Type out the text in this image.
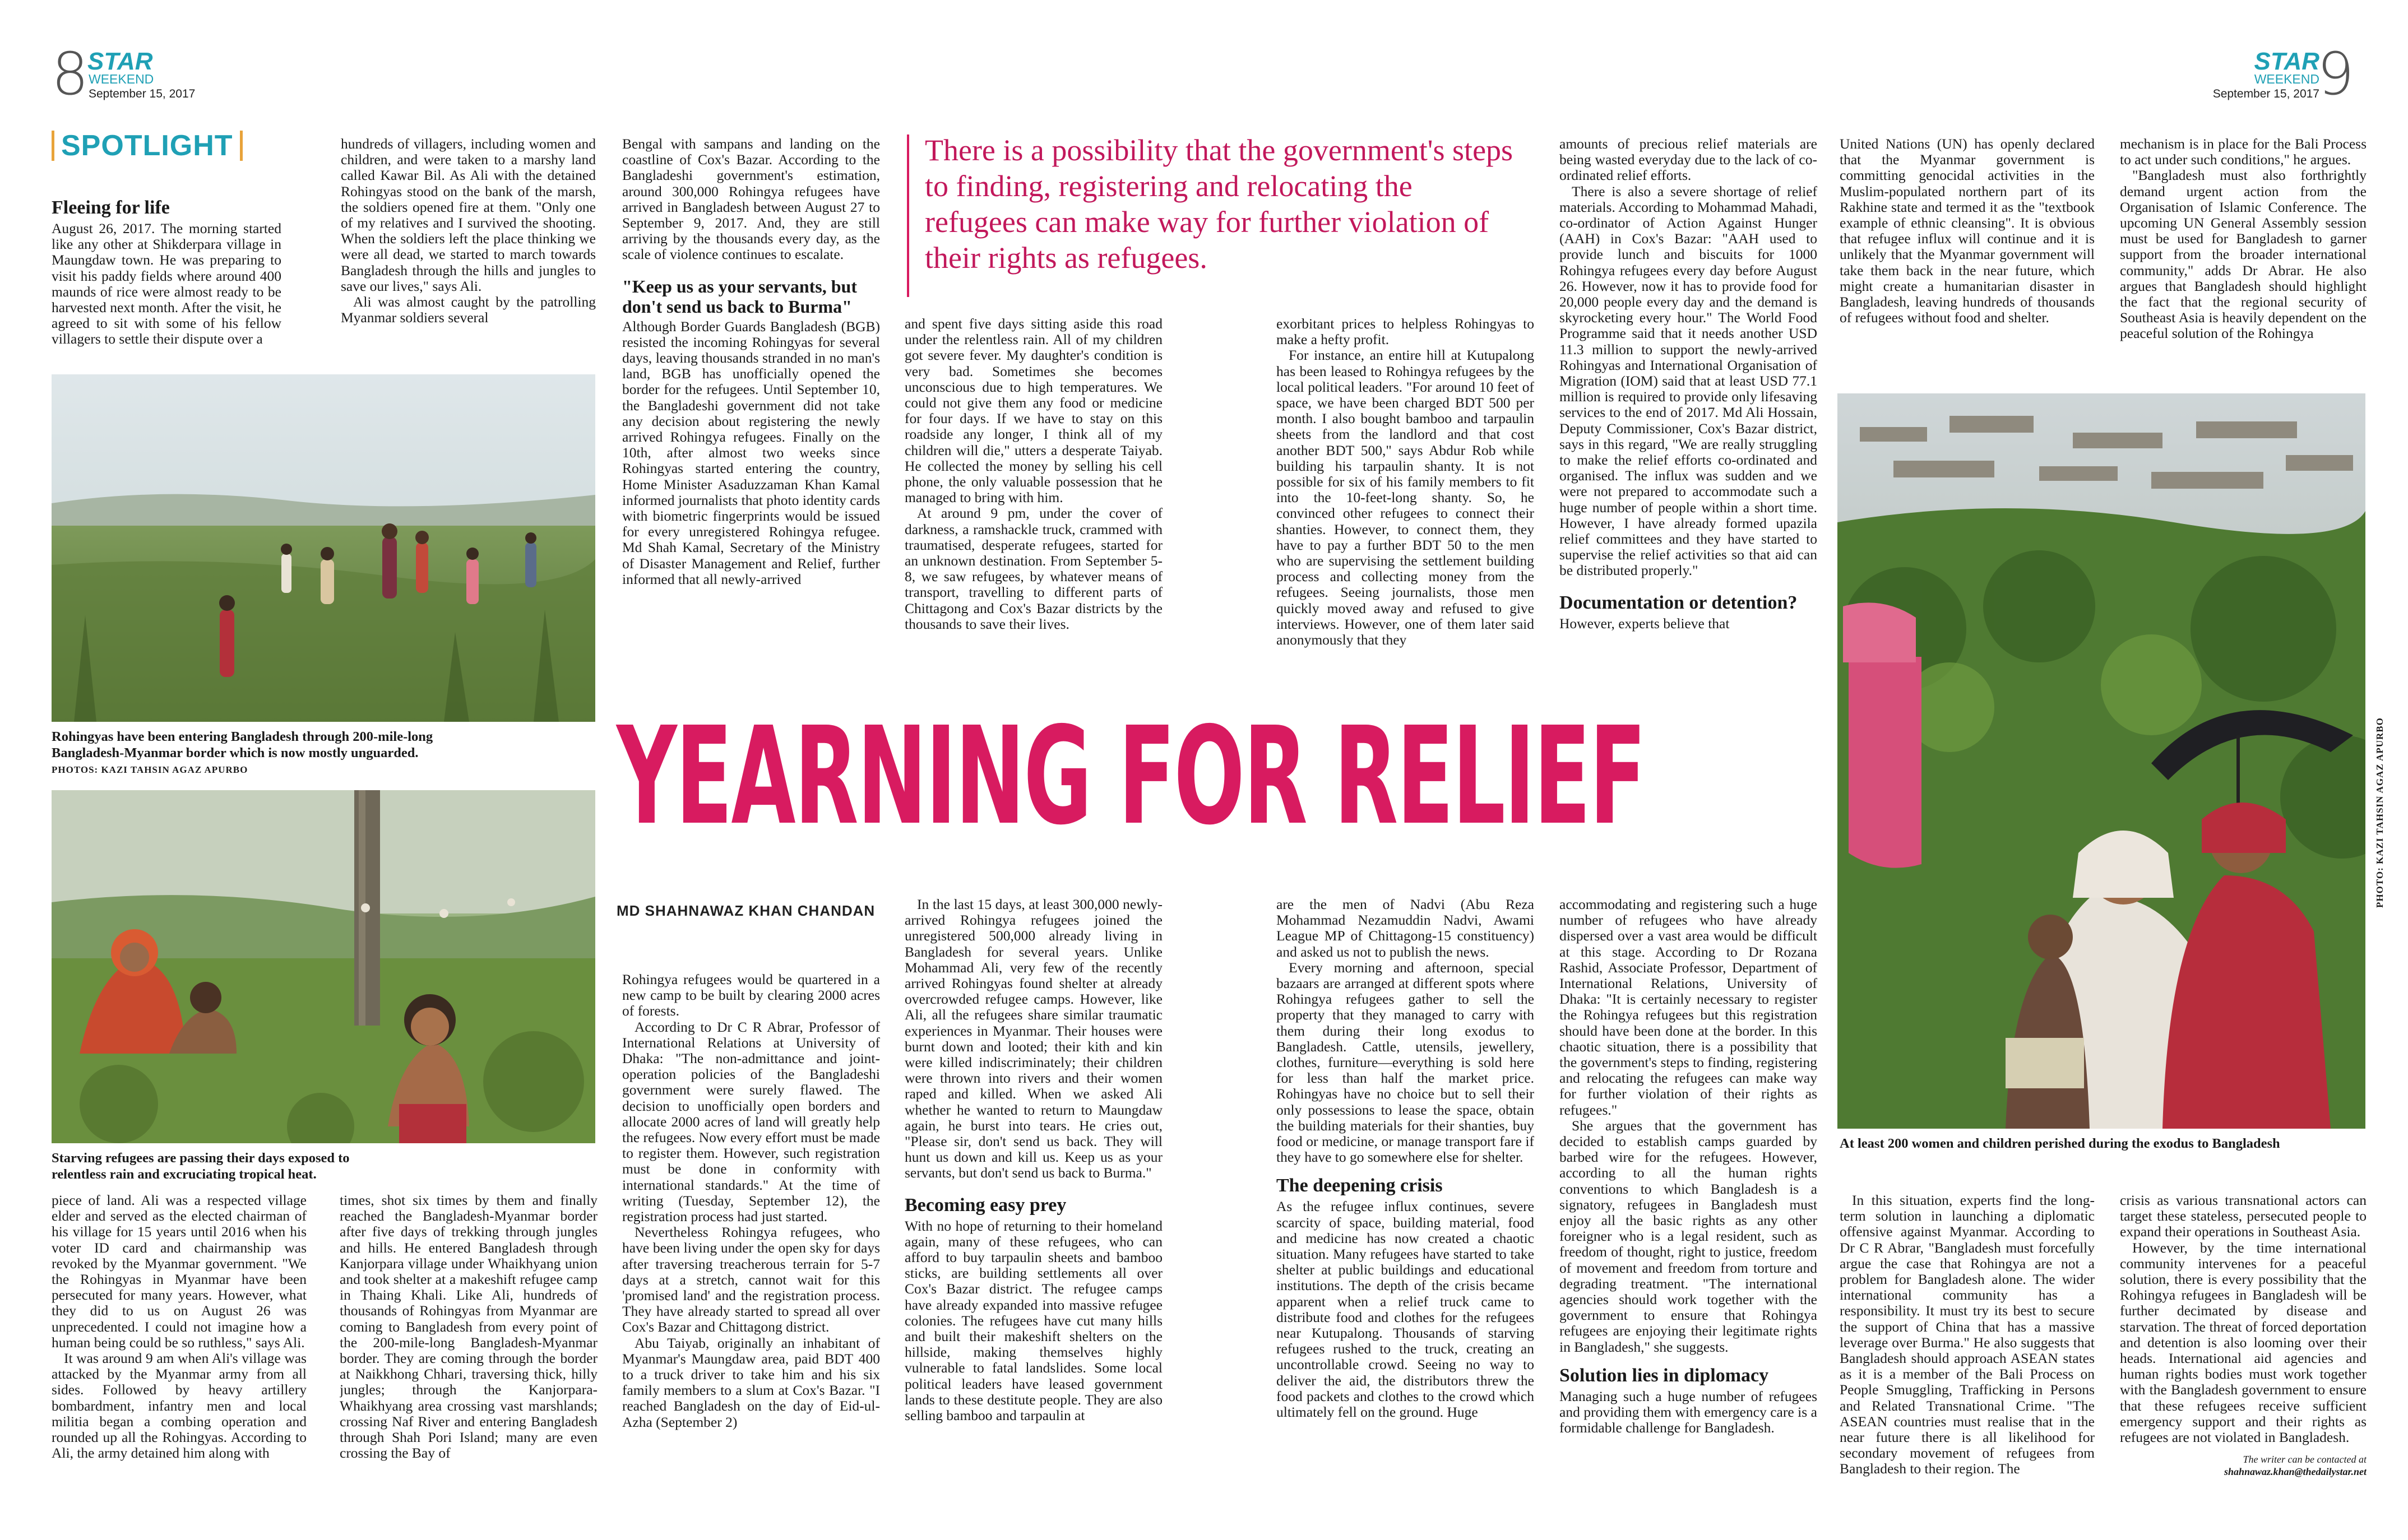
8
STAR
WEEKEND
September 15, 2017
STAR
WEEKEND
September 15, 2017
9
SPOTLIGHT	There is a possibility that the government's steps to finding, registering and relocating the refugees can make way for further violation of their rights as refugees.
YEARNING FOR RELIEF
MD SHAHNAWAZ KHAN CHANDAN
Rohingyas have been entering Bangladesh through 200-mile-long Bangladesh-Myanmar border which is now mostly unguarded.
PHOTOS: KAZI TAHSIN AGAZ APURBO
Starving refugees are passing their days exposed to relentless rain and excruciating tropical heat.
PHOTO: KAZI TAHSIN AGAZ APURBO
At least 200 women and children perished during the exodus to Bangladesh
Fleeing for life

August 26, 2017. The morning started like any other at Shikderpara village in Maungdaw town. He was preparing to visit his paddy fields where around 400 maunds of rice were almost ready to be harvested next month. After the visit, he agreed to sit with some of his fellow villagers to settle their dispute over a

hundreds of villagers, including women and children, and were taken to a marshy land called Kawar Bil. As Ali with the detained Rohingyas stood on the bank of the marsh, the soldiers opened fire at them. "Only one of my relatives and I survived the shooting. When the soldiers left the place thinking we were all dead, we started to march towards Bangladesh through the hills and jungles to save our lives," says Ali.

Ali was almost caught by the patrolling Myanmar soldiers several

Bengal with sampans and landing on the coastline of Cox's Bazar. According to the Bangladeshi government's estimation, around 300,000 Rohingya refugees have arrived in Bangladesh between August 27 to September 9, 2017. And, they are still arriving by the thousands every day, as the scale of violence continues to escalate.

"Keep us as your servants, but don't send us back to Burma"

Although Border Guards Bangladesh (BGB) resisted the incoming Rohingyas for several days, leaving thousands stranded in no man's land, BGB has unofficially opened the border for the refugees. Until September 10, the Bangladeshi government did not take any decision about registering the newly arrived Rohingya refugees. Finally on the 10th, after almost two weeks since Rohingyas started entering the country, Home Minister Asaduzzaman Khan Kamal informed journalists that photo identity cards with biometric fingerprints would be issued for every unregistered Rohingya refugee. Md Shah Kamal, Secretary of the Ministry of Disaster Management and Relief, further informed that all newly-arrived

and spent five days sitting aside this road under the relentless rain. All of my children got severe fever. My daughter's condition is very bad. Sometimes she becomes unconscious due to high temperatures. We could not give them any food or medicine for four days. If we have to stay on this roadside any longer, I think all of my children will die," utters a desperate Taiyab. He collected the money by selling his cell phone, the only valuable possession that he managed to bring with him.

At around 9 pm, under the cover of darkness, a ramshackle truck, crammed with traumatised, desperate refugees, started for an unknown destination. From September 5-8, we saw refugees, by whatever means of transport, travelling to different parts of Chittagong and Cox's Bazar districts by the thousands to save their lives.

exorbitant prices to helpless Rohingyas to make a hefty profit.

For instance, an entire hill at Kutupalong has been leased to Rohingya refugees by the local political leaders. "For around 10 feet of space, we have been charged BDT 500 per month. I also bought bamboo and tarpaulin sheets from the landlord and that cost another BDT 500," says Abdur Rob while building his tarpaulin shanty. It is not possible for six of his family members to fit into the 10-feet-long shanty. So, he convinced other refugees to connect their shanties. However, to connect them, they have to pay a further BDT 50 to the men who are supervising the settlement building process and collecting money from the refugees. Seeing journalists, those men quickly moved away and refused to give interviews. However, one of them later said anonymously that they

amounts of precious relief materials are being wasted everyday due to the lack of co-ordinated relief efforts.

There is also a severe shortage of relief materials. According to Mohammad Mahadi, co-ordinator of Action Against Hunger (AAH) in Cox's Bazar: "AAH used to provide lunch and biscuits for 1000 Rohingya refugees every day before August 26. However, now it has to provide food for 20,000 people every day and the demand is skyrocketing every hour." The World Food Programme said that it needs another USD 11.3 million to support the newly-arrived Rohingyas and International Organisation of Migration (IOM) said that at least USD 77.1 million is required to provide only lifesaving services to the end of 2017. Md Ali Hossain, Deputy Commissioner, Cox's Bazar district, says in this regard, "We are really struggling to make the relief efforts co-ordinated and organised. The influx was sudden and we were not prepared to accommodate such a huge number of people within a short time. However, I have already formed upazila relief committees and they have started to supervise the relief activities so that aid can be distributed properly."

Documentation or detention?

However, experts believe that

United Nations (UN) has openly declared that the Myanmar government is committing genocidal activities in the Muslim-populated northern part of its Rakhine state and termed it as the "textbook example of ethnic cleansing". It is obvious that refugee influx will continue and it is unlikely that the Myanmar government will take them back in the near future, which might create a humanitarian disaster in Bangladesh, leaving hundreds of thousands of refugees without food and shelter.

mechanism is in place for the Bali Process to act under such conditions," he argues.

"Bangladesh must also forthrightly demand urgent action from the Organisation of Islamic Conference. The upcoming UN General Assembly session must be used for Bangladesh to garner support from the broader international community," adds Dr Abrar. He also argues that Bangladesh should highlight the fact that the regional security of Southeast Asia is heavily dependent on the peaceful solution of the Rohingya

piece of land. Ali was a respected village elder and served as the elected chairman of his village for 15 years until 2016 when his voter ID card and chairmanship was revoked by the Myanmar government. "We the Rohingyas in Myanmar have been persecuted for many years. However, what they did to us on August 26 was unprecedented. I could not imagine how a human being could be so ruthless," says Ali.

It was around 9 am when Ali's village was attacked by the Myanmar army from all sides. Followed by heavy artillery bombardment, infantry men and local militia began a combing operation and rounded up all the Rohingyas. According to Ali, the army detained him along with

times, shot six times by them and finally reached the Bangladesh-Myanmar border after five days of trekking through jungles and hills. He entered Bangladesh through Kanjorpara village under Whaikhyang union and took shelter at a makeshift refugee camp in Thaing Khali. Like Ali, hundreds of thousands of Rohingyas from Myanmar are coming to Bangladesh from every point of the 200-mile-long Bangladesh-Myanmar border. They are coming through the border at Naikkhong Chhari, traversing thick, hilly jungles; through the Kanjorpara-Whaikhyang area crossing vast marshlands; crossing Naf River and entering Bangladesh through Shah Pori Island; many are even crossing the Bay of

Rohingya refugees would be quartered in a new camp to be built by clearing 2000 acres of forests.

According to Dr C R Abrar, Professor of International Relations at University of Dhaka: "The non-admittance and joint-operation policies of the Bangladeshi government were surely flawed. The decision to unofficially open borders and allocate 2000 acres of land will greatly help the refugees. Now every effort must be made to register them. However, such registration must be done in conformity with international standards." At the time of writing (Tuesday, September 12), the registration process had just started.

Nevertheless Rohingya refugees, who have been living under the open sky for days after traversing treacherous terrain for 5-7 days at a stretch, cannot wait for this 'promised land' and the registration process. They have already started to spread all over Cox's Bazar and Chittagong district.

Abu Taiyab, originally an inhabitant of Myanmar's Maungdaw area, paid BDT 400 to a truck driver to take him and his six family members to a slum at Cox's Bazar. "I reached Bangladesh on the day of Eid-ul-Azha (September 2)

In the last 15 days, at least 300,000 newly-arrived Rohingya refugees joined the unregistered 500,000 already living in Bangladesh for several years. Unlike Mohammad Ali, very few of the recently arrived Rohingyas found shelter at already overcrowded refugee camps. However, like Ali, all the refugees share similar traumatic experiences in Myanmar. Their houses were burnt down and looted; their kith and kin were killed indiscriminately; their children were thrown into rivers and their women raped and killed. When we asked Ali whether he wanted to return to Maungdaw again, he burst into tears. He cries out, "Please sir, don't send us back. They will hunt us down and kill us. Keep us as your servants, but don't send us back to Burma."

Becoming easy prey

With no hope of returning to their homeland again, many of these refugees, who can afford to buy tarpaulin sheets and bamboo sticks, are building settlements all over Cox's Bazar district. The refugee camps have already expanded into massive refugee colonies. The refugees have cut many hills and built their makeshift shelters on the hillside, making themselves highly vulnerable to fatal landslides. Some local political leaders have leased government lands to these destitute people. They are also selling bamboo and tarpaulin at

are the men of Nadvi (Abu Reza Mohammad Nezamuddin Nadvi, Awami League MP of Chittagong-15 constituency) and asked us not to publish the news.

Every morning and afternoon, special bazaars are arranged at different spots where Rohingya refugees gather to sell the property that they managed to carry with them during their long exodus to Bangladesh. Cattle, utensils, jewellery, clothes, furniture—everything is sold here for less than half the market price. Rohingyas have no choice but to sell their only possessions to lease the space, obtain the building materials for their shanties, buy food or medicine, or manage transport fare if they have to go somewhere else for shelter.

The deepening crisis

As the refugee influx continues, severe scarcity of space, building material, food and medicine has now created a chaotic situation. Many refugees have started to take shelter at public buildings and educational institutions. The depth of the crisis became apparent when a relief truck came to distribute food and clothes for the refugees near Kutupalong. Thousands of starving refugees rushed to the truck, creating an uncontrollable crowd. Seeing no way to deliver the aid, the distributors threw the food packets and clothes to the crowd which ultimately fell on the ground. Huge

accommodating and registering such a huge number of refugees who have already dispersed over a vast area would be difficult at this stage. According to Dr Rozana Rashid, Associate Professor, Department of International Relations, University of Dhaka: "It is certainly necessary to register the Rohingya refugees but this registration should have been done at the border. In this chaotic situation, there is a possibility that the government's steps to finding, registering and relocating the refugees can make way for further violation of their rights as refugees."

She argues that the government has decided to establish camps guarded by barbed wire for the refugees. However, according to all the human rights conventions to which Bangladesh is a signatory, refugees in Bangladesh must enjoy all the basic rights as any other foreigner who is a legal resident, such as freedom of thought, right to justice, freedom of movement and freedom from torture and degrading treatment. "The international agencies should work together with the government to ensure that Rohingya refugees are enjoying their legitimate rights in Bangladesh," she suggests.

Solution lies in diplomacy

Managing such a huge number of refugees and providing them with emergency care is a formidable challenge for Bangladesh.

In this situation, experts find the long-term solution in launching a diplomatic offensive against Myanmar. According to Dr C R Abrar, "Bangladesh must forcefully argue the case that Rohingya are not a problem for Bangladesh alone. The wider international community has a responsibility. It must try its best to secure the support of China that has a massive leverage over Burma." He also suggests that Bangladesh should approach ASEAN states as it is a member of the Bali Process on People Smuggling, Trafficking in Persons and Related Transnational Crime. "The ASEAN countries must realise that in the near future there is all likelihood for secondary movement of refugees from Bangladesh to their region. The

crisis as various transnational actors can target these stateless, persecuted people to expand their operations in Southeast Asia.

However, by the time international community intervenes for a peaceful solution, there is every possibility that the Rohingya refugees in Bangladesh will be further decimated by disease and starvation. The threat of forced deportation and detention is also looming over their heads. International aid agencies and human rights bodies must work together with the Bangladesh government to ensure that these refugees receive sufficient emergency support and their rights as refugees are not violated in Bangladesh.

The writer can be contacted at
shahnawaz.khan@thedailystar.net
